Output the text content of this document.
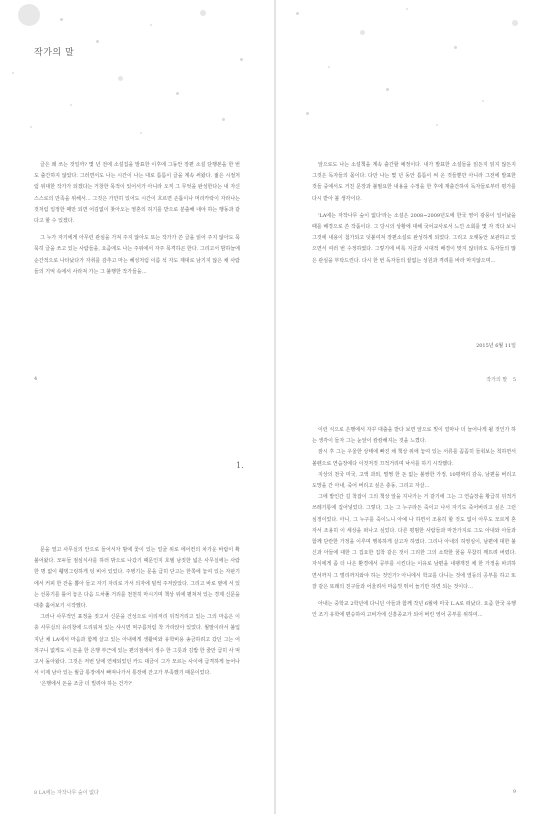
작가의 말

글은 왜 쓰는 것일까? 몇 년 전에 소설집을 발표한 이후에 그동안 장편 소설 단행본을 한 번도 출간하지 않았다. 그러면서도 나는 시간이 나는 대로 틈틈이 글을 계속 써왔다. 젊은 시절처럼 위대한 작가가 되겠다는 거창한 목적이 있어서가 아니라 오직 그 무엇을 완성한다는 내 자신 스스로의 만족을 위해서… 그것은 가만히 있어도 시간이 흐르면 손톱이나 머리카락이 자라나는 것처럼 일정한 때만 되면 어김없이 찾아오는 영혼의 허기를 받으로 분출해 내야 하는 행동과 같다고 할 수 있겠다.

그 누가 자기에게 아무런 관심을 가져 주지 않아도 또는 작가가 쓴 글을 읽어 주지 않아도 묵묵히 글을 쓰고 있는 사람들을, 요즘에도 나는 주위에서 자주 목격하곤 한다. 그리고서 밤하늘에 순간적으로 나타났다가 자취를 감추고 마는 혜성처럼 이름 석 자도 제대로 남기지 않은 채 사람들의 기억 속에서 사라져 가는 그 불행한 작가들을…

4

앞으로도 나는 소설책을 계속 출간할 예정이다. 내가 발표한 소설들을 읽든지 읽지 않든지 그것은 독자들의 몫이다. 다만 나는 몇 년 동안 틈틈이 써 온 것들뿐만 아니라 그전에 발표한 것들 중에서도 거친 문장과 불필요한 내용을 수정을 한 후에 재출간하여 독자들로부터 평가를 다시 받아 볼 생각이다.

'LA에는 자작나무 숲이 없다'라는 소설은 2008~2009년도에 한국 영어 광풍이 일어났을 때를 배경으로 쓴 작품이다. 그 당시의 상황에 대해 국어교사로서 느낀 소회를 몇 자 적다 보니 그것에 내용이 첨가되고 덧붙여져 장편소설로 완성하게 되었다. 그리고 오랫동안 보관하고 있으면서 여러 번 수정하였다. 그렇기에 비록 지금과 시대적 배경이 맞지 않더라도 독자들의 많은 관심을 부탁드린다. 다시 한 번 독자들의 끝없는 성원과 격려를 바라 마지않으며…

2015년 6월 11일
작가의 말 5
1.

문을 열고 사무실의 안으로 들어서자 밤에 꽃이 있는 얼굴 위로 에어컨의 차가운 바람이 확 불어왔다. 모두들 점심식사를 하러 밖으로 나갔기 때문인지 호텔 남짓한 넓은 사무실에는 사람 한 명 없이 휑뎅그렁하게 텅 비어 있었다. 주병기는 문을 급히 닫고는 한쪽에 놓여 있는 자판기에서 커피 한 잔을 뽑아 들고 자기 자리로 가서 의자에 털썩 주저앉았다. 그리고 바로 옆에 서 있는 선풍기를 틀어 놓은 다음 드차풀 거리를 천천히 마시기며 책상 위에 펼쳐져 있는 경제 신문을 대충 훑어보기 시작했다.

그러나 사무적인 표정을 짓고서 신문을 건성으로 이리저리 뒤적거리고 있는 그의 마음은 이층 사무실의 유리창에 드리워져 있는 샤시면 먹구름처럼 착 가라앉아 있었다. 월말이라서 불입지난 채 LA에서 마음과 함께 살고 있는 아내에게 생활비와 유학비용 송금하려고 갔던 그는 어처구니 없게도 이 돈을 한 은행 부근에 있는 편의점에서 생수 한 그릇과 김밥 한 줄만 급히 사 먹고서 돌아왔다. 그것은 저번 달에 연체되었던 카드 대금이 그가 모르는 사이에 급격하게 늘어나서 이제 남아 있는 월급 통장에서 빠져나가서 통장에 잔고가 부족했기 때문이었다.

'은행에서 돈을 조금 더 빌려야 하는 건가?'

8 LA에는 자작나무 숲이 없다

이런 식으로 은행에서 자꾸 대출을 받다 보면 앞으로 빚이 얼마나 더 늘어나게 될 것인가 하는 생각이 들자 그는 눈앞이 캄캄해지는 것을 느꼈다.

잠시 후 그는 우울한 상태에 빠진 채 책상 위에 놓여 있는 서류를 꼼꼼히 들춰보는 척하면서 볼펜으로 연습장에다 이것저것 끄적거리며 낙서를 하기 시작했다.

지상의 천국 미국, 고액 과외, 멀쩡 한 돈 없는 불쌍한 가정, 10평짜리 감옥, 남편을 버리고 도망을 간 아내, 죽어 버리고 싶은 충동, 그리고 자살…

그에 밭인간 길 착잡이 그의 책상 앞을 지나가는 거 같기에 그는 그 연습장을 황급히 뒤적거 쓰레기통에 집어넣었다. 그렇다, 그는 그 누구라든 죽이고 나서 자기도 죽어버리고 싶은 그런 심정이었다. 아니, 그 누구를 죽이느니 아예 나 하면서 조용히 할 것도 없이 아무도 모르게 혼자서 조용히 이 세상을 떠나고 싶었다. 다른 평범한 사람들과 마찬가지로 그도 아내와 아들과 함께 단란한 가정을 이루며 행복하게 살고자 하였다. 그리나 아내의 허영심이, 남편에 대한 불신과 아들에 대한 그 집요한 집착 같은 것이 그리한 그의 소박한 꿈을 무참히 깨뜨려 버렸다. 자식에게 좀 더 나은 환경에서 공부를 시킨다는 이유로 남편을 내팽개친 채 한 가정을 파괴하면서까지 그 멀리까지와야 하는 것인가? 아니에서 학교를 다니는 것에 열등의 공부를 하고 또 잘 같은 또래의 친구들과 어울려서 마음껏 뛰어 놀기만 하면 되는 것이다…

아내는 중학교 2학년에 다니던 아들과 함께 작년 6월에 미국 L.A로 떠났다. 요즘 한국 유행인 조기 유학에 편승하여 고비가에 신흥종교가 되어 버린 영어 공부를 위하여…

9
